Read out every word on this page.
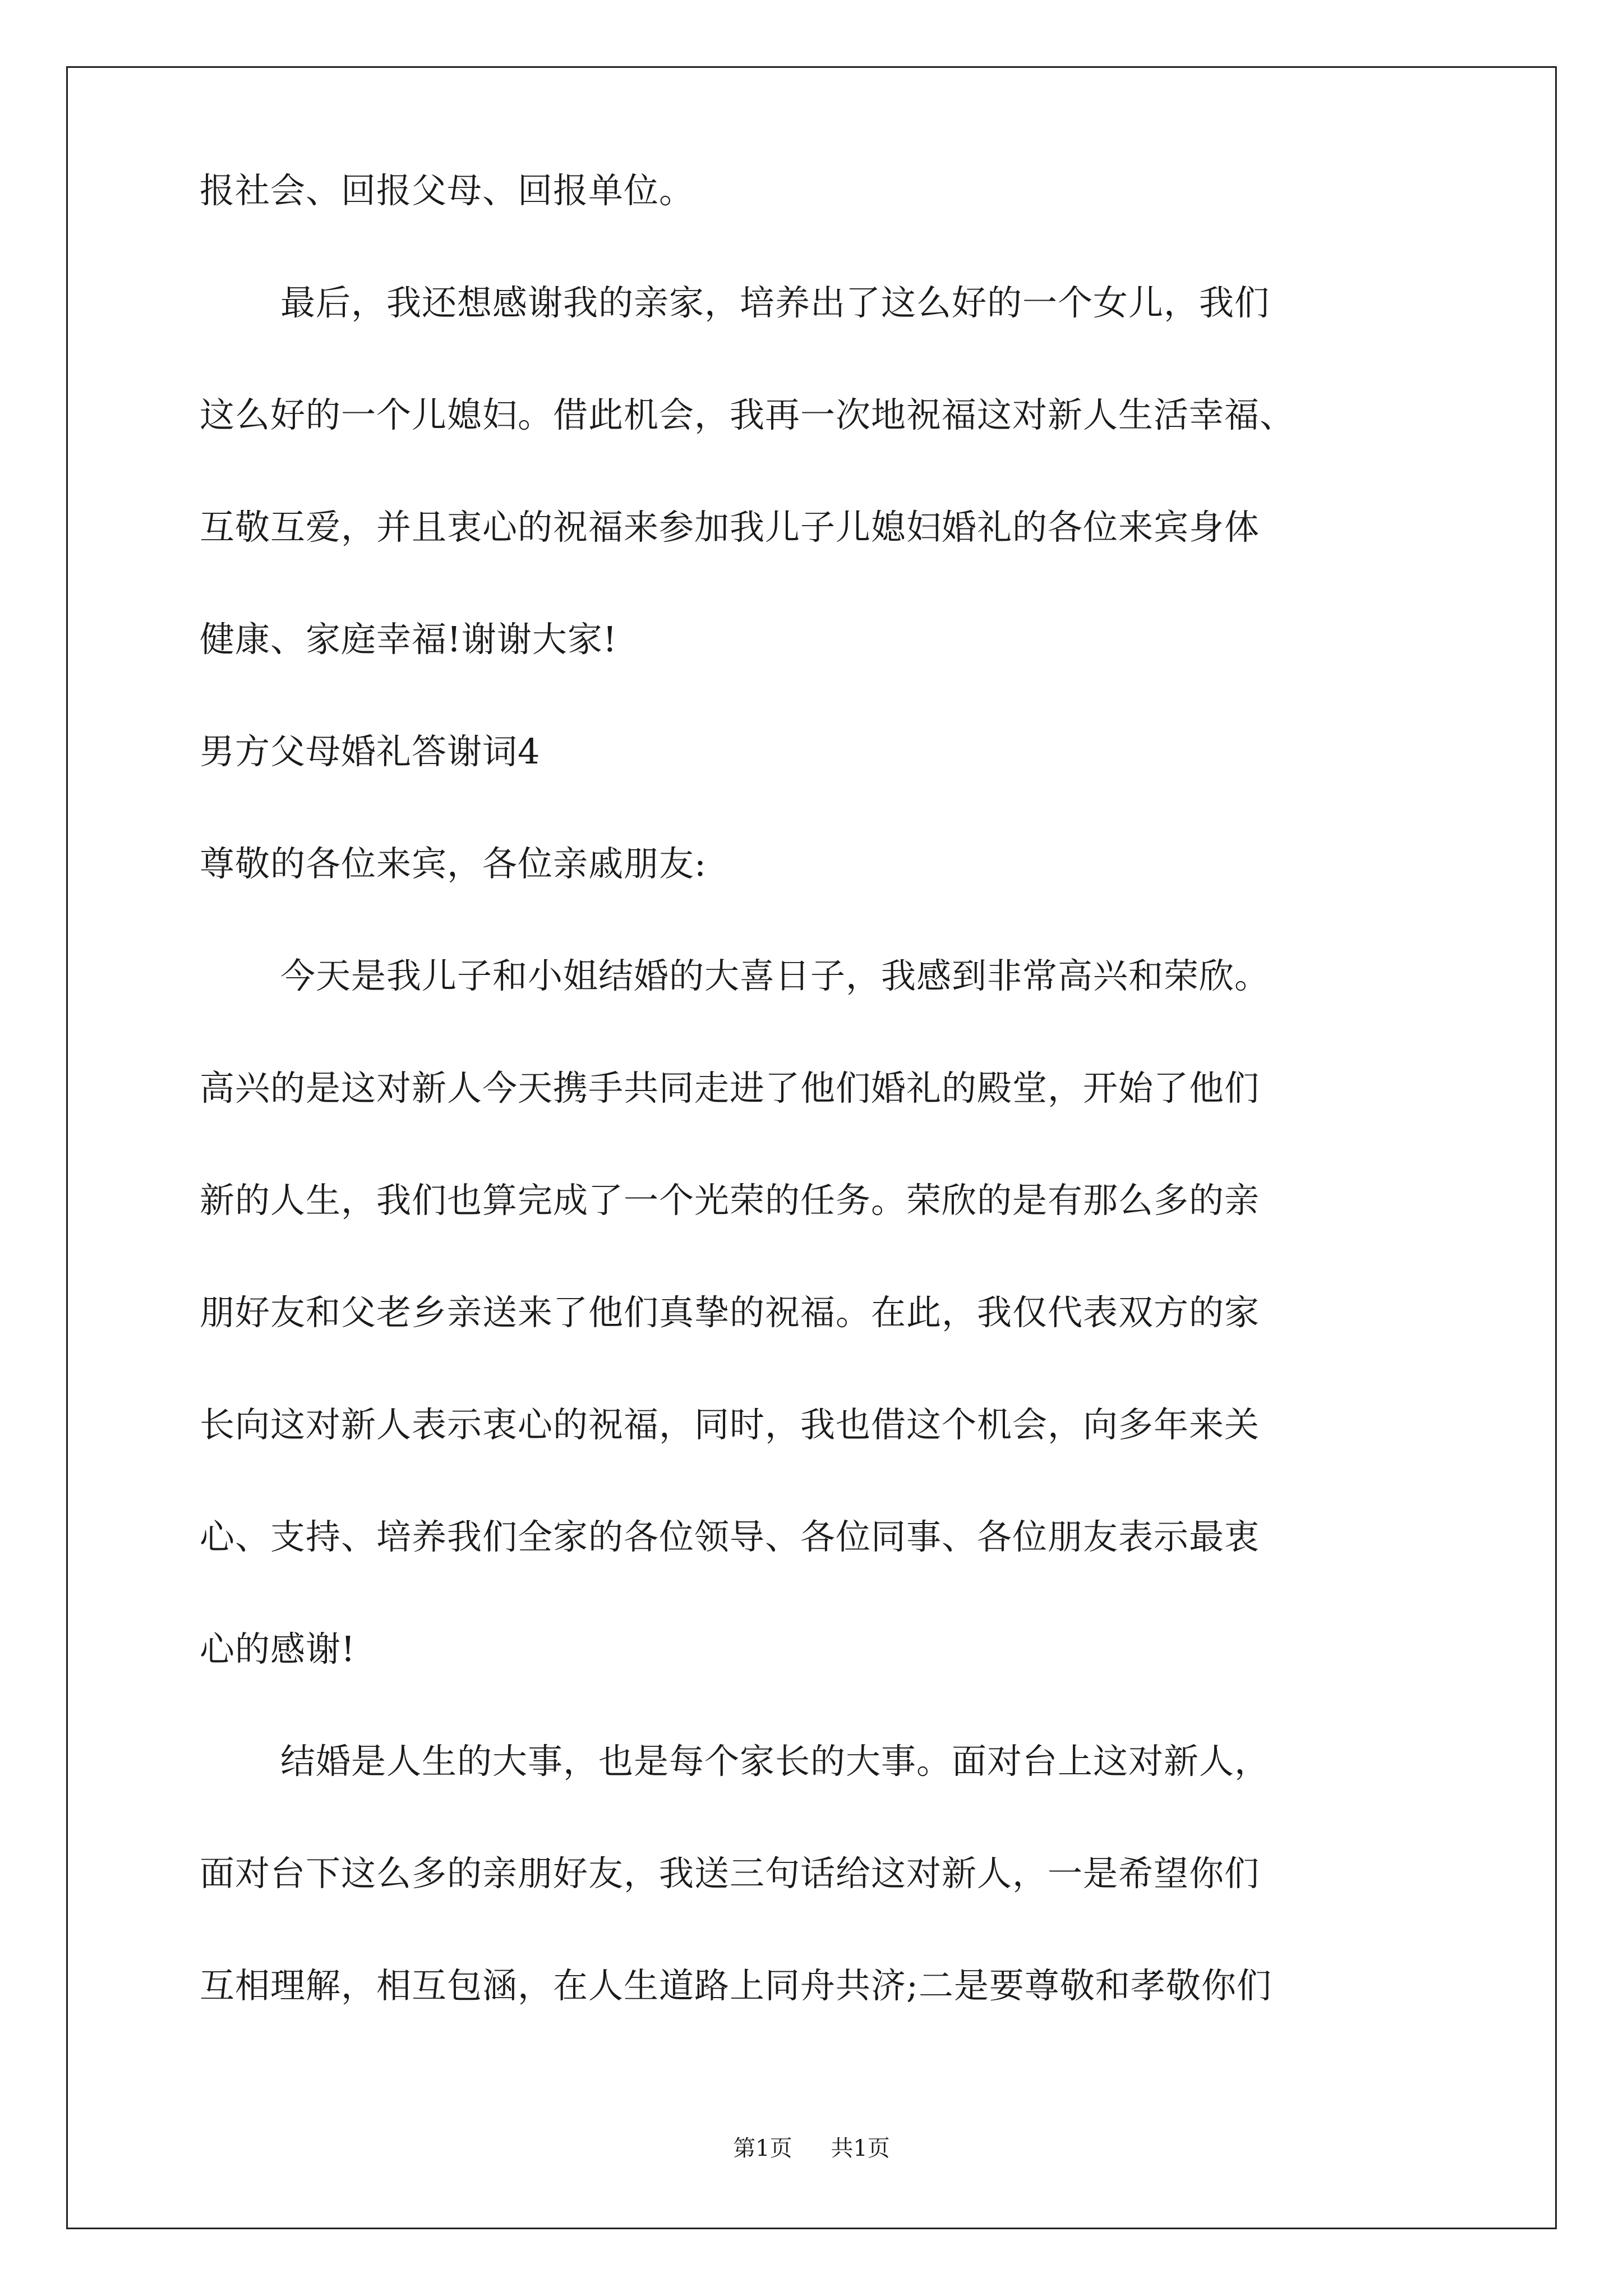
报社会、回报父母、回报单位。
最后，我还想感谢我的亲家，培养出了这么好的一个女儿，我们
这么好的一个儿媳妇。借此机会，我再一次地祝福这对新人生活幸福、
互敬互爱，并且衷心的祝福来参加我儿子儿媳妇婚礼的各位来宾身体
健康、家庭幸福!谢谢大家!
男方父母婚礼答谢词4
尊敬的各位来宾，各位亲戚朋友:
今天是我儿子和小姐结婚的大喜日子，我感到非常高兴和荣欣。
高兴的是这对新人今天携手共同走进了他们婚礼的殿堂，开始了他们
新的人生，我们也算完成了一个光荣的任务。荣欣的是有那么多的亲
朋好友和父老乡亲送来了他们真挚的祝福。在此，我仅代表双方的家
长向这对新人表示衷心的祝福，同时，我也借这个机会，向多年来关
心、支持、培养我们全家的各位领导、各位同事、各位朋友表示最衷
心的感谢!
结婚是人生的大事，也是每个家长的大事。面对台上这对新人，
面对台下这么多的亲朋好友，我送三句话给这对新人，一是希望你们
第1页 共1页
互相理解，相互包涵，在人生道路上同舟共济;二是要尊敬和孝敬你们
